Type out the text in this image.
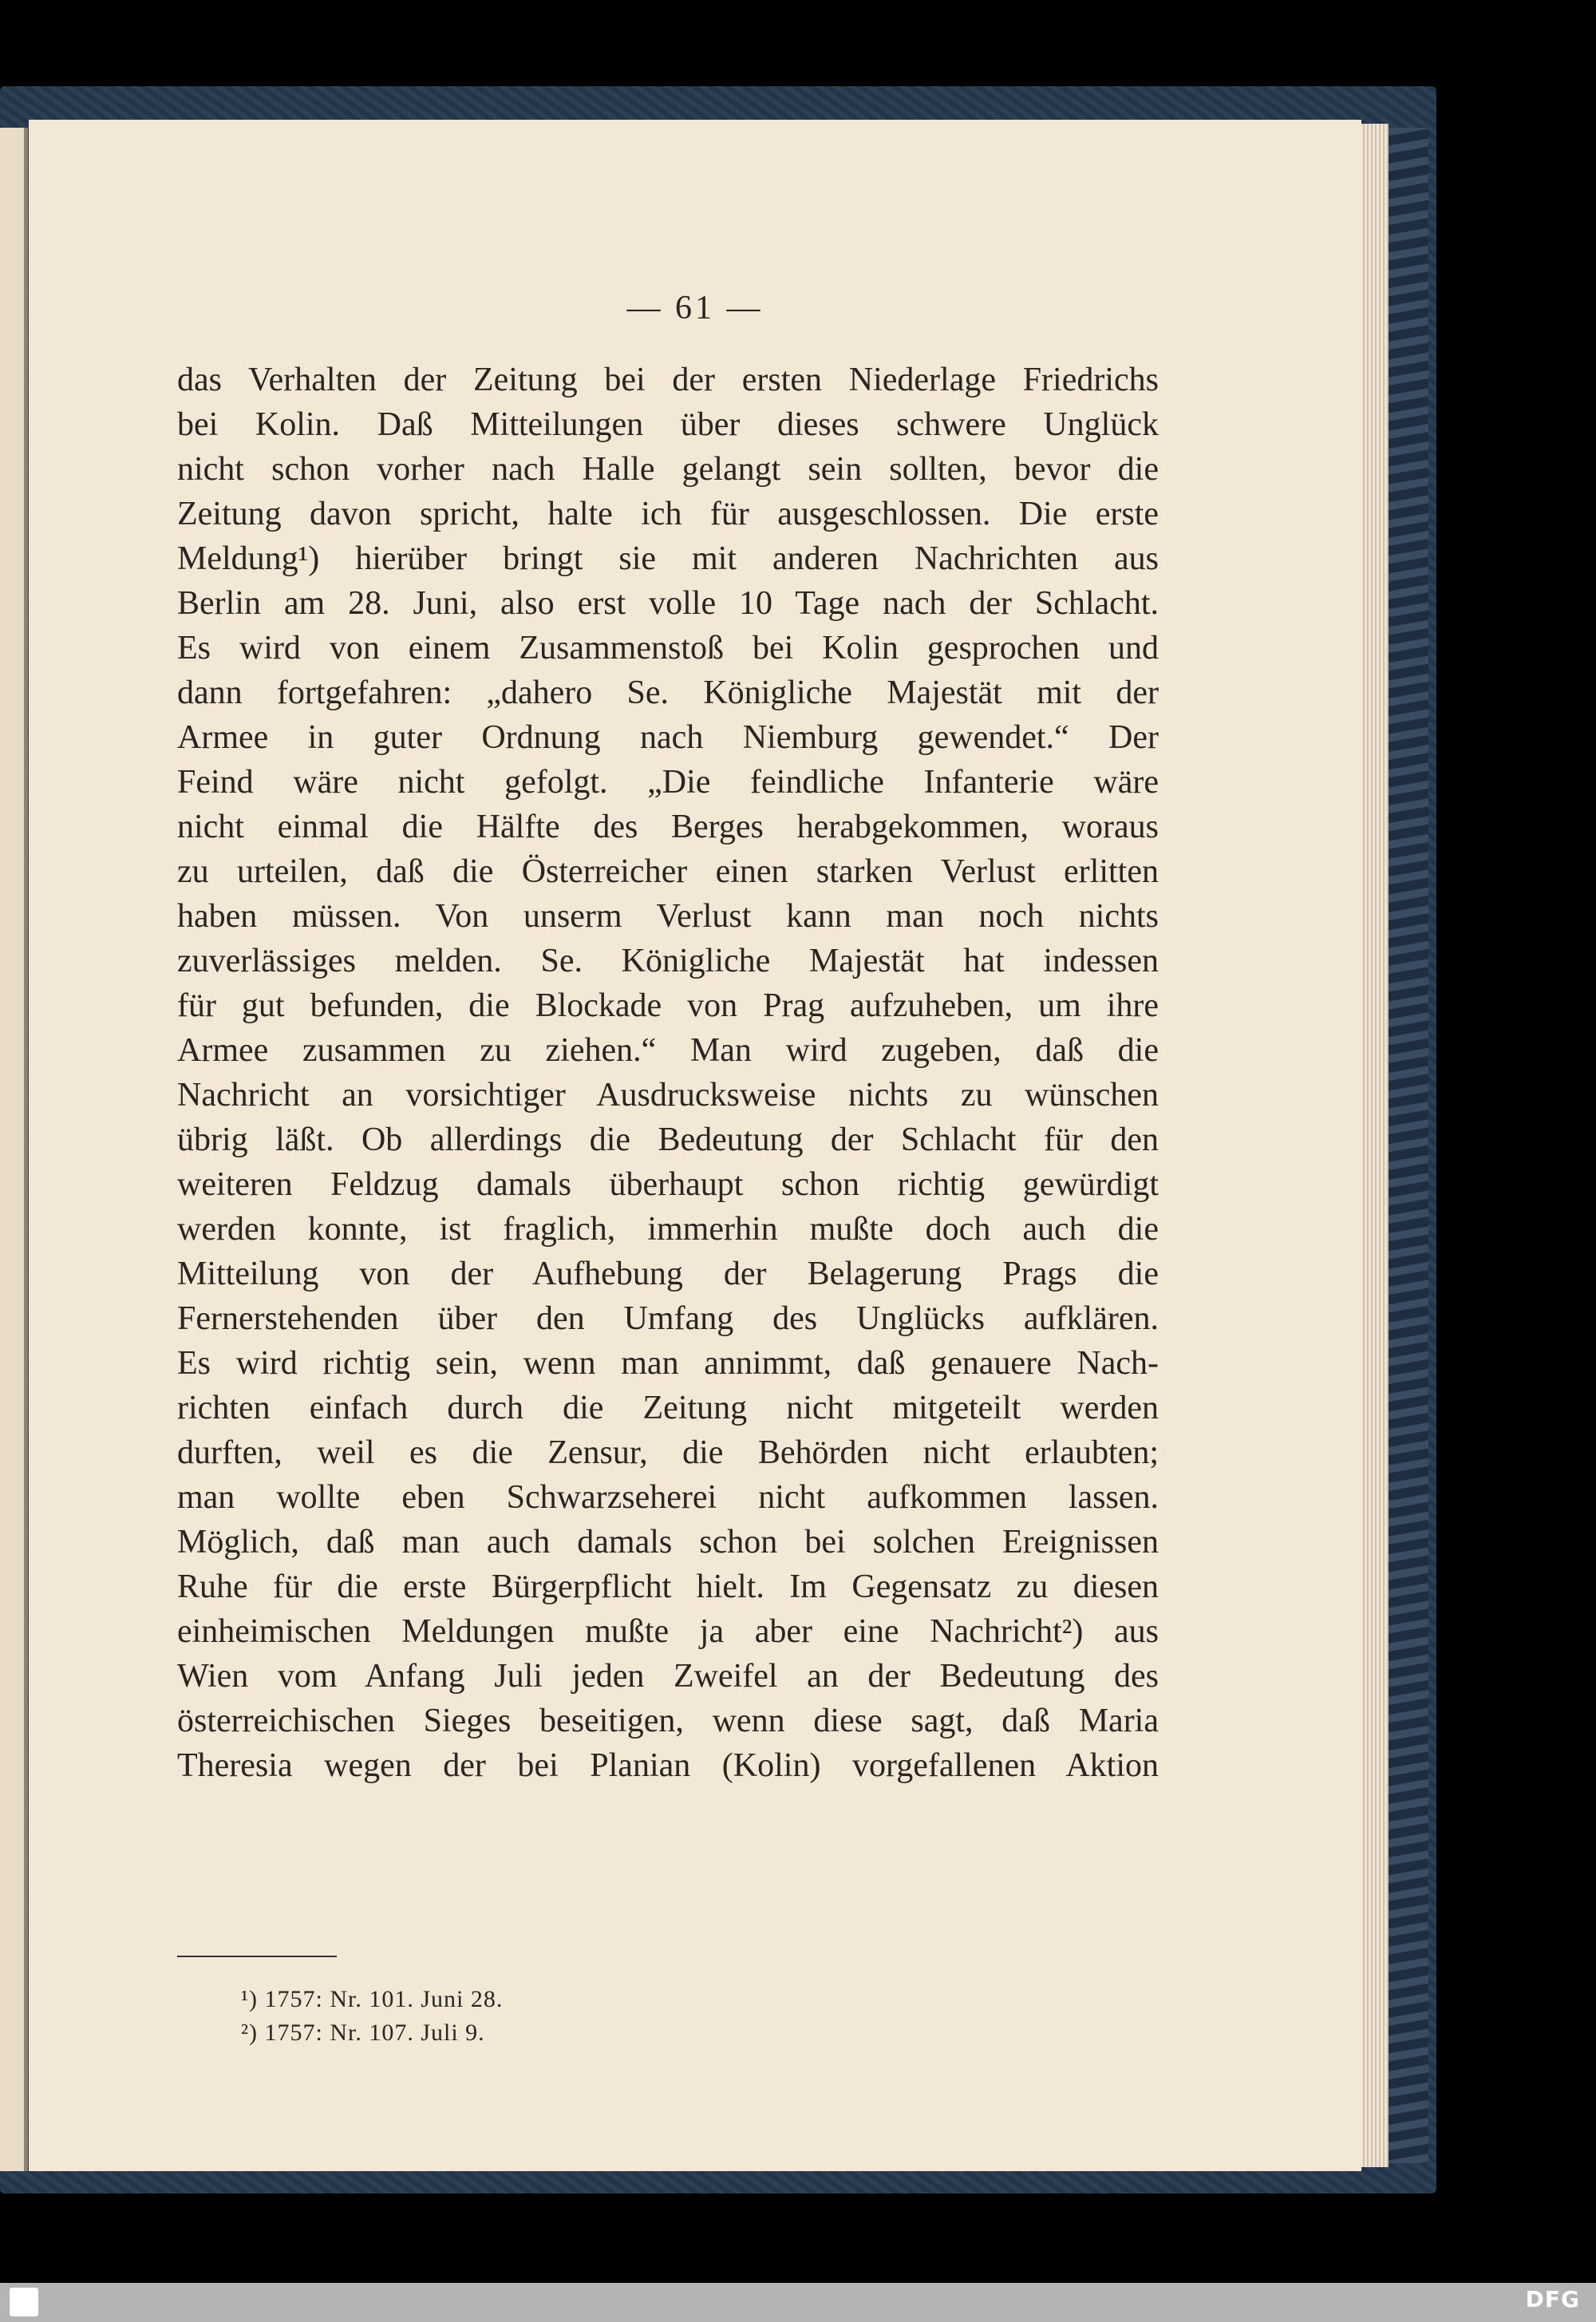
— 61 —
das Verhalten der Zeitung bei der ersten Niederlage Friedrichs
bei Kolin. Daß Mitteilungen über dieses schwere Unglück
nicht schon vorher nach Halle gelangt sein sollten, bevor die
Zeitung davon spricht, halte ich für ausgeschlossen. Die erste
Meldung¹) hierüber bringt sie mit anderen Nachrichten aus
Berlin am 28. Juni, also erst volle 10 Tage nach der Schlacht.
Es wird von einem Zusammenstoß bei Kolin gesprochen und
dann fortgefahren: „dahero Se. Königliche Majestät mit der
Armee in guter Ordnung nach Niemburg gewendet.“ Der
Feind wäre nicht gefolgt. „Die feindliche Infanterie wäre
nicht einmal die Hälfte des Berges herabgekommen, woraus
zu urteilen, daß die Österreicher einen starken Verlust erlitten
haben müssen. Von unserm Verlust kann man noch nichts
zuverlässiges melden. Se. Königliche Majestät hat indessen
für gut befunden, die Blockade von Prag aufzuheben, um ihre
Armee zusammen zu ziehen.“ Man wird zugeben, daß die
Nachricht an vorsichtiger Ausdrucksweise nichts zu wünschen
übrig läßt. Ob allerdings die Bedeutung der Schlacht für den
weiteren Feldzug damals überhaupt schon richtig gewürdigt
werden konnte, ist fraglich, immerhin mußte doch auch die
Mitteilung von der Aufhebung der Belagerung Prags die
Fernerstehenden über den Umfang des Unglücks aufklären.
Es wird richtig sein, wenn man annimmt, daß genauere Nach-
richten einfach durch die Zeitung nicht mitgeteilt werden
durften, weil es die Zensur, die Behörden nicht erlaubten;
man wollte eben Schwarzseherei nicht aufkommen lassen.
Möglich, daß man auch damals schon bei solchen Ereignissen
Ruhe für die erste Bürgerpflicht hielt. Im Gegensatz zu diesen
einheimischen Meldungen mußte ja aber eine Nachricht²) aus
Wien vom Anfang Juli jeden Zweifel an der Bedeutung des
österreichischen Sieges beseitigen, wenn diese sagt, daß Maria
Theresia wegen der bei Planian (Kolin) vorgefallenen Aktion
¹) 1757: Nr. 101. Juni 28.
²) 1757: Nr. 107. Juli 9.
DFG
